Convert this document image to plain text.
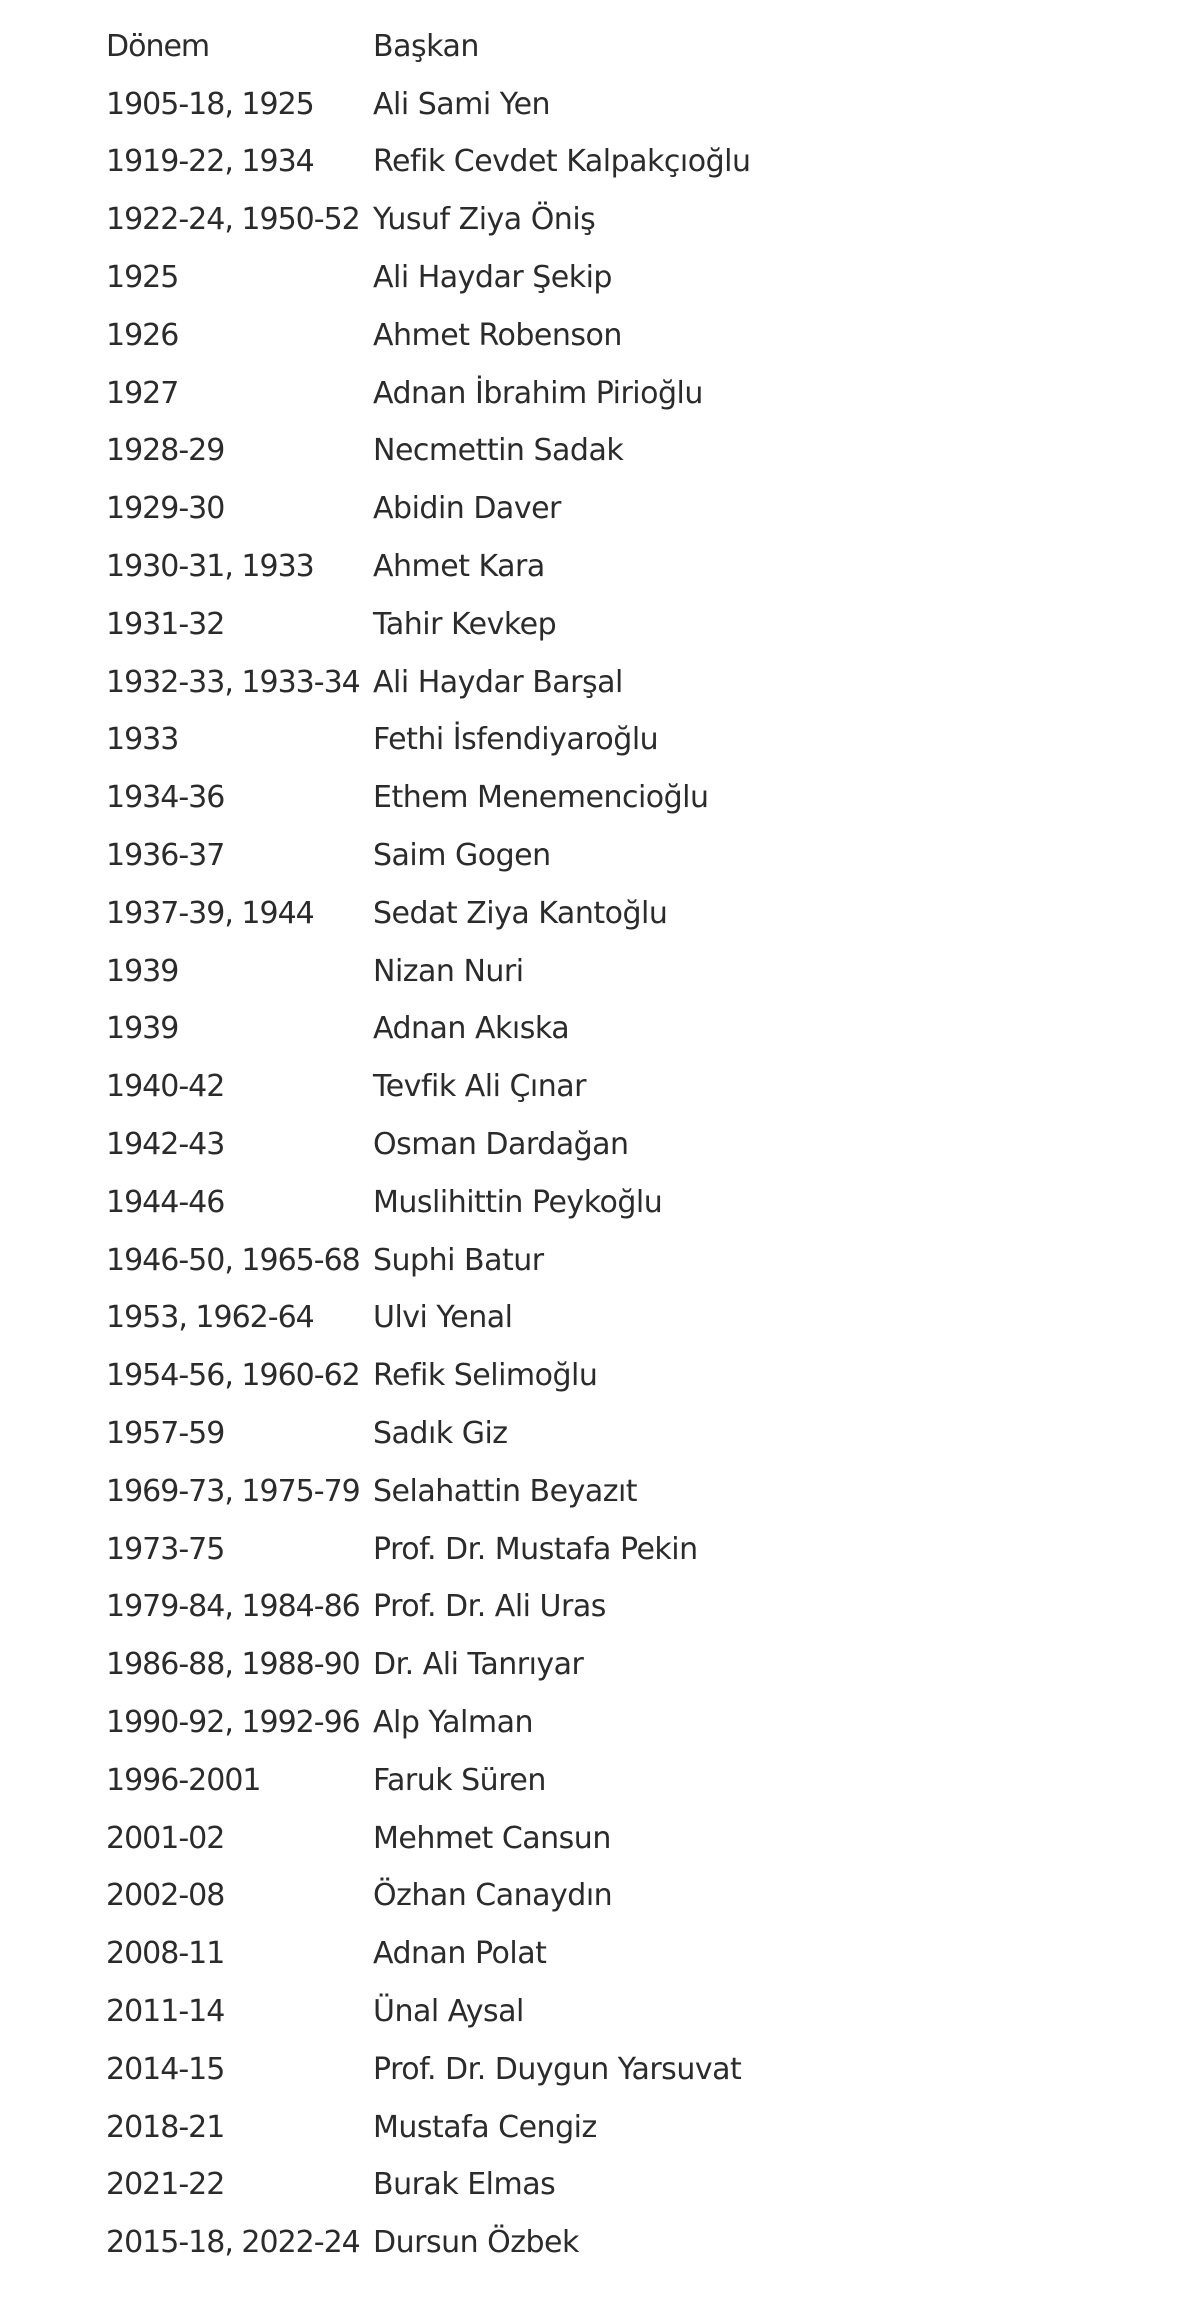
Dönem	Başkan
1905-18, 1925	Ali Sami Yen
1919-22, 1934	Refik Cevdet Kalpakçıoğlu
1922-24, 1950-52 Yusuf Ziya Öniş
1925	Ali Haydar Şekip
1926	Ahmet Robenson
1927	Adnan İbrahim Pirioğlu
1928-29	Necmettin Sadak
1929-30	Abidin Daver
1930-31, 1933	Ahmet Kara
1931-32	Tahir Kevkep
1932-33, 1933-34 Ali Haydar Barşal
1933	Fethi İsfendiyaroğlu
1934-36	Ethem Menemencioğlu
1936-37	Saim Gogen
1937-39, 1944	Sedat Ziya Kantoğlu
1939	Nizan Nuri
1939	Adnan Akıska
1940-42	Tevfik Ali Çınar
1942-43	Osman Dardağan
1944-46	Muslihittin Peykoğlu
1946-50, 1965-68 Suphi Batur
1953, 1962-64	Ulvi Yenal
1954-56, 1960-62 Refik Selimoğlu
1957-59	Sadık Giz
1969-73, 1975-79 Selahattin Beyazıt
1973-75	Prof. Dr. Mustafa Pekin
1979-84, 1984-86 Prof. Dr. Ali Uras
1986-88, 1988-90 Dr. Ali Tanrıyar
1990-92, 1992-96 Alp Yalman
1996-2001	Faruk Süren
2001-02	Mehmet Cansun
2002-08	Özhan Canaydın
2008-11	Adnan Polat
2011-14	Ünal Aysal
2014-15	Prof. Dr. Duygun Yarsuvat
2018-21	Mustafa Cengiz
2021-22	Burak Elmas
2015-18, 2022-24 Dursun Özbek
